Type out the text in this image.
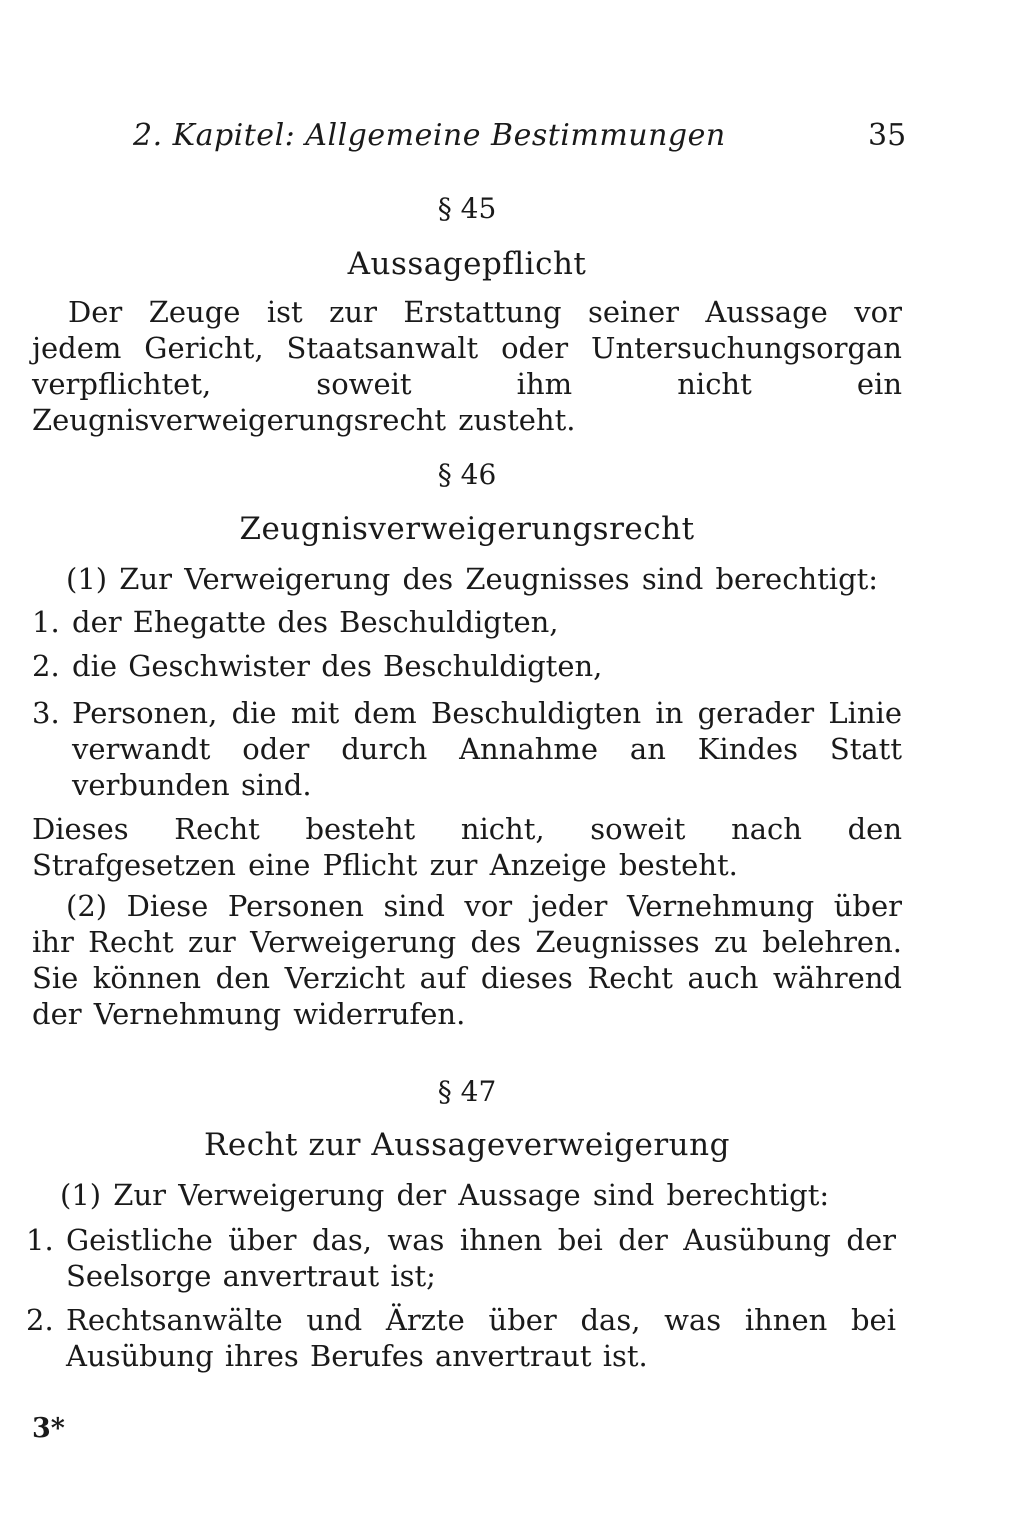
2. Kapitel: Allgemeine Bestimmungen	35
§ 45
Aussagepflicht
Der Zeuge ist zur Erstattung seiner Aussage vor jedem Gericht, Staatsanwalt oder Untersuchungsorgan verpflichtet, soweit ihm nicht ein Zeugnisverweigerungsrecht zusteht.
§ 46
Zeugnisverweigerungsrecht
(1) Zur Verweigerung des Zeugnisses sind berechtigt:
1. der Ehegatte des Beschuldigten,
2. die Geschwister des Beschuldigten,
3. Personen, die mit dem Beschuldigten in gerader Linie verwandt oder durch Annahme an Kindes Statt verbunden sind.
Dieses Recht besteht nicht, soweit nach den Strafgesetzen eine Pflicht zur Anzeige besteht.
(2) Diese Personen sind vor jeder Vernehmung über ihr Recht zur Verweigerung des Zeugnisses zu belehren. Sie können den Verzicht auf dieses Recht auch während der Vernehmung widerrufen.
§ 47
Recht zur Aussageverweigerung
(1) Zur Verweigerung der Aussage sind berechtigt:
1. Geistliche über das, was ihnen bei der Ausübung der Seelsorge anvertraut ist;
2. Rechtsanwälte und Ärzte über das, was ihnen bei Ausübung ihres Berufes anvertraut ist.
3*
